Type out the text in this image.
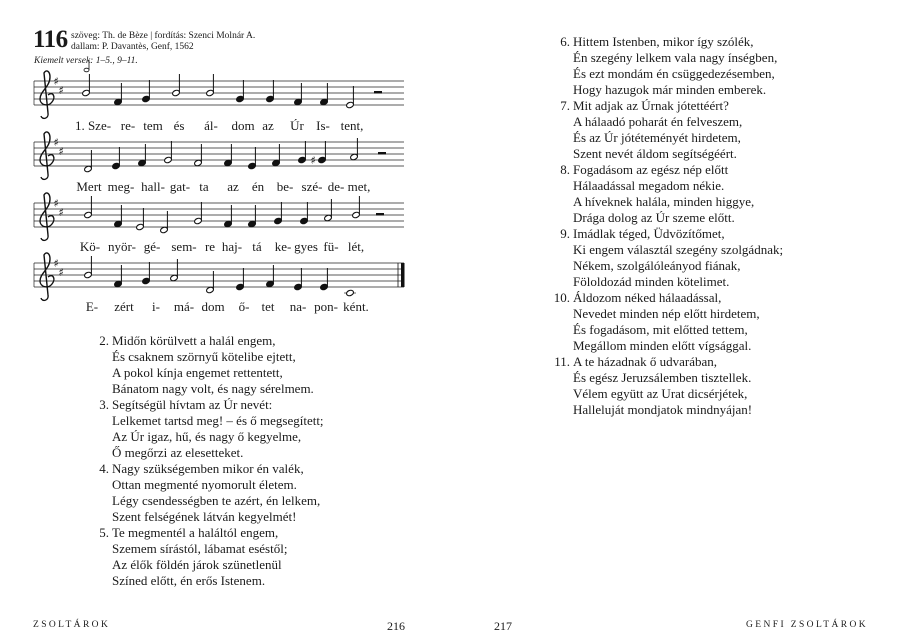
116 szöveg: Th. de Bèze | fordítás: Szenci Molnár A.
dallam: P. Davantès, Genf, 1562
Kiemelt versek: 1–5., 9–11.
♯
♯
1. Sze- re- tem és ál- dom az Úr Is- tent,
♯
♯
♯
Mert meg- hall- gat- ta az én be- szé- de- met,
♯
♯
Kö- nyör- gé- sem- re haj- tá ke- gyes fü- lét,
♯
♯
E- zért i- má- dom ő- tet na- pon- ként.
2. Midőn körülvett a halál engem,
És csaknem szörnyű kötelibe ejtett,
A pokol kínja engemet rettentett,
Bánatom nagy volt, és nagy sérelmem.
3. Segítségül hívtam az Úr nevét:
Lelkemet tartsd meg! – és ő megsegített;
Az Úr igaz, hű, és nagy ő kegyelme,
Ő megőrzi az elesetteket.
4. Nagy szükségemben mikor én valék,
Ottan megmenté nyomorult életem.
Légy csendességben te azért, én lelkem,
Szent felségének látván kegyelmét!
5. Te megmentél a haláltól engem,
Szemem sírástól, lábamat eséstől;
Az élők földén járok szünetlenül
Színed előtt, én erős Istenem.
6. Hittem Istenben, mikor így szólék,
Én szegény lelkem vala nagy ínségben,
És ezt mondám én csüggedezésemben,
Hogy hazugok már minden emberek.
7. Mit adjak az Úrnak jótettéért?
A hálaadó poharát én felveszem,
És az Úr jótéteményét hirdetem,
Szent nevét áldom segítségéért.
8. Fogadásom az egész nép előtt
Hálaadással megadom nékie.
A híveknek halála, minden higgye,
Drága dolog az Úr szeme előtt.
9. Imádlak téged, Üdvözítőmet,
Ki engem választál szegény szolgádnak;
Nékem, szolgálóleányod fiának,
Föloldozád minden kötelimet.
10. Áldozom néked hálaadással,
Nevedet minden nép előtt hirdetem,
És fogadásom, mit előtted tettem,
Megállom minden előtt vígsággal.
11. A te házadnak ő udvarában,
És egész Jeruzsálemben tisztellek.
Vélem együtt az Urat dicsérjétek,
Halleluját mondjatok mindnyájan!
ZSOLTÁROK	216	217	GENFI ZSOLTÁROK
